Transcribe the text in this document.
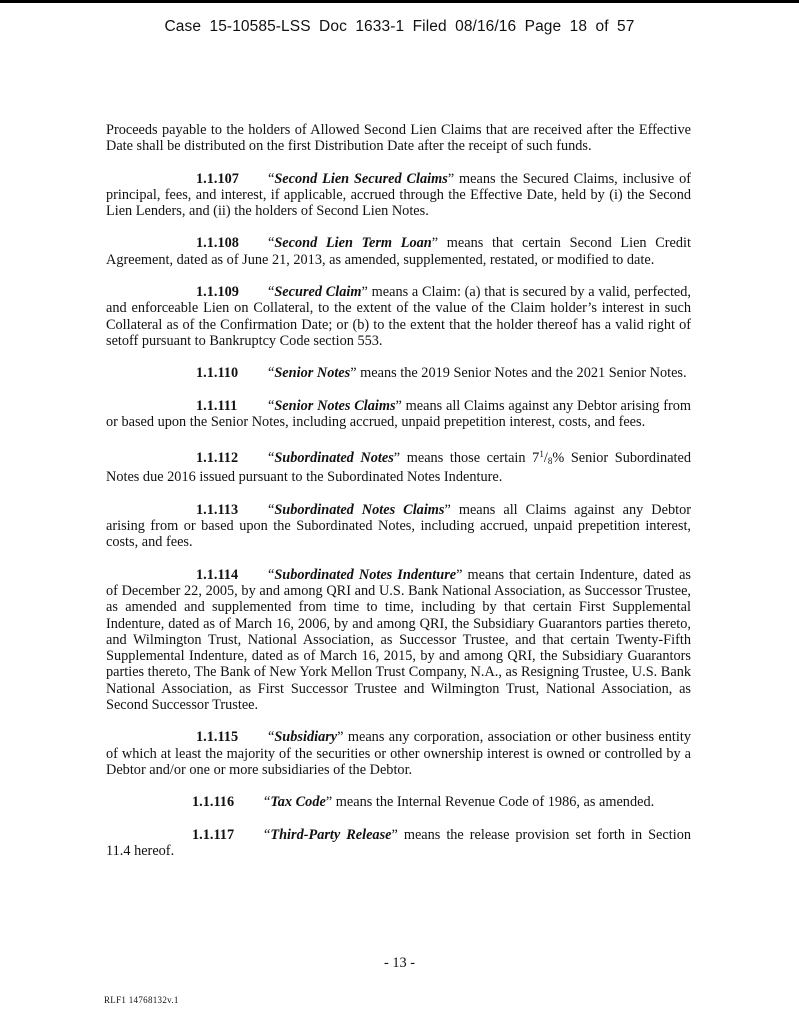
Case 15-10585-LSS Doc 1633-1 Filed 08/16/16 Page 18 of 57

Proceeds payable to the holders of Allowed Second Lien Claims that are received after the Effective Date shall be distributed on the first Distribution Date after the receipt of such funds.

1.1.107 “Second Lien Secured Claims” means the Secured Claims, inclusive of principal, fees, and interest, if applicable, accrued through the Effective Date, held by (i) the Second Lien Lenders, and (ii) the holders of Second Lien Notes.

1.1.108 “Second Lien Term Loan” means that certain Second Lien Credit Agreement, dated as of June 21, 2013, as amended, supplemented, restated, or modified to date.

1.1.109 “Secured Claim” means a Claim: (a) that is secured by a valid, perfected, and enforceable Lien on Collateral, to the extent of the value of the Claim holder’s interest in such Collateral as of the Confirmation Date; or (b) to the extent that the holder thereof has a valid right of setoff pursuant to Bankruptcy Code section 553.

1.1.110 “Senior Notes” means the 2019 Senior Notes and the 2021 Senior Notes.

1.1.111 “Senior Notes Claims” means all Claims against any Debtor arising from or based upon the Senior Notes, including accrued, unpaid prepetition interest, costs, and fees.

1.1.112 “Subordinated Notes” means those certain $7^1/8\%$ Senior Subordinated Notes due 2016 issued pursuant to the Subordinated Notes Indenture.

1.1.113 “Subordinated Notes Claims” means all Claims against any Debtor arising from or based upon the Subordinated Notes, including accrued, unpaid prepetition interest, costs, and fees.

1.1.114 “Subordinated Notes Indenture” means that certain Indenture, dated as of December 22, 2005, by and among QRI and U.S. Bank National Association, as Successor Trustee, as amended and supplemented from time to time, including by that certain First Supplemental Indenture, dated as of March 16, 2006, by and among QRI, the Subsidiary Guarantors parties thereto, and Wilmington Trust, National Association, as Successor Trustee, and that certain Twenty-Fifth Supplemental Indenture, dated as of March 16, 2015, by and among QRI, the Subsidiary Guarantors parties thereto, The Bank of New York Mellon Trust Company, N.A., as Resigning Trustee, U.S. Bank National Association, as First Successor Trustee and Wilmington Trust, National Association, as Second Successor Trustee.

1.1.115 “Subsidiary” means any corporation, association or other business entity of which at least the majority of the securities or other ownership interest is owned or controlled by a Debtor and/or one or more subsidiaries of the Debtor.

1.1.116 “Tax Code” means the Internal Revenue Code of 1986, as amended.

1.1.117 “Third-Party Release” means the release provision set forth in Section 11.4 hereof.

- 13 -
RLF1 14768132v.1
